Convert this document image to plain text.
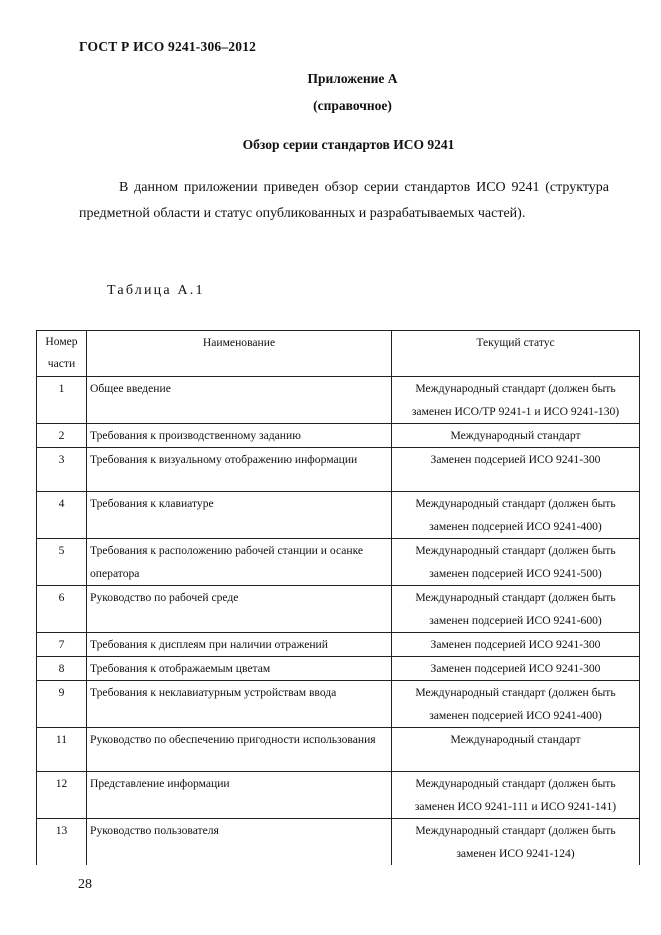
ГОСТ Р ИСО 9241-306–2012
Приложение А
(справочное)
Обзор серии стандартов ИСО 9241

В данном приложении приведен обзор серии стандартов ИСО 9241 (структура предметной области и статус опубликованных и разрабатываемых частей).

Таблица А.1
Номер части	Наименование	Текущий статус
1	Общее введение	Международный стандарт (должен быть заменен ИСО/ТР 9241-1 и ИСО 9241-130)
2	Требования к производственному заданию	Международный стандарт
3	Требования к визуальному отображению информации	Заменен подсерией ИСО 9241-300
4	Требования к клавиатуре	Международный стандарт (должен быть заменен подсерией ИСО 9241-400)
5	Требования к расположению рабочей станции и осанке оператора	Международный стандарт (должен быть заменен подсерией ИСО 9241-500)
6	Руководство по рабочей среде	Международный стандарт (должен быть заменен подсерией ИСО 9241-600)
7	Требования к дисплеям при наличии отражений	Заменен подсерией ИСО 9241-300
8	Требования к отображаемым цветам	Заменен подсерией ИСО 9241-300
9	Требования к неклавиатурным устройствам ввода	Международный стандарт (должен быть заменен подсерией ИСО 9241-400)
11	Руководство по обеспечению пригодности использования	Международный стандарт
12	Представление информации	Международный стандарт (должен быть заменен ИСО 9241-111 и ИСО 9241-141)
13	Руководство пользователя	Международный стандарт (должен быть заменен ИСО 9241-124)
28
